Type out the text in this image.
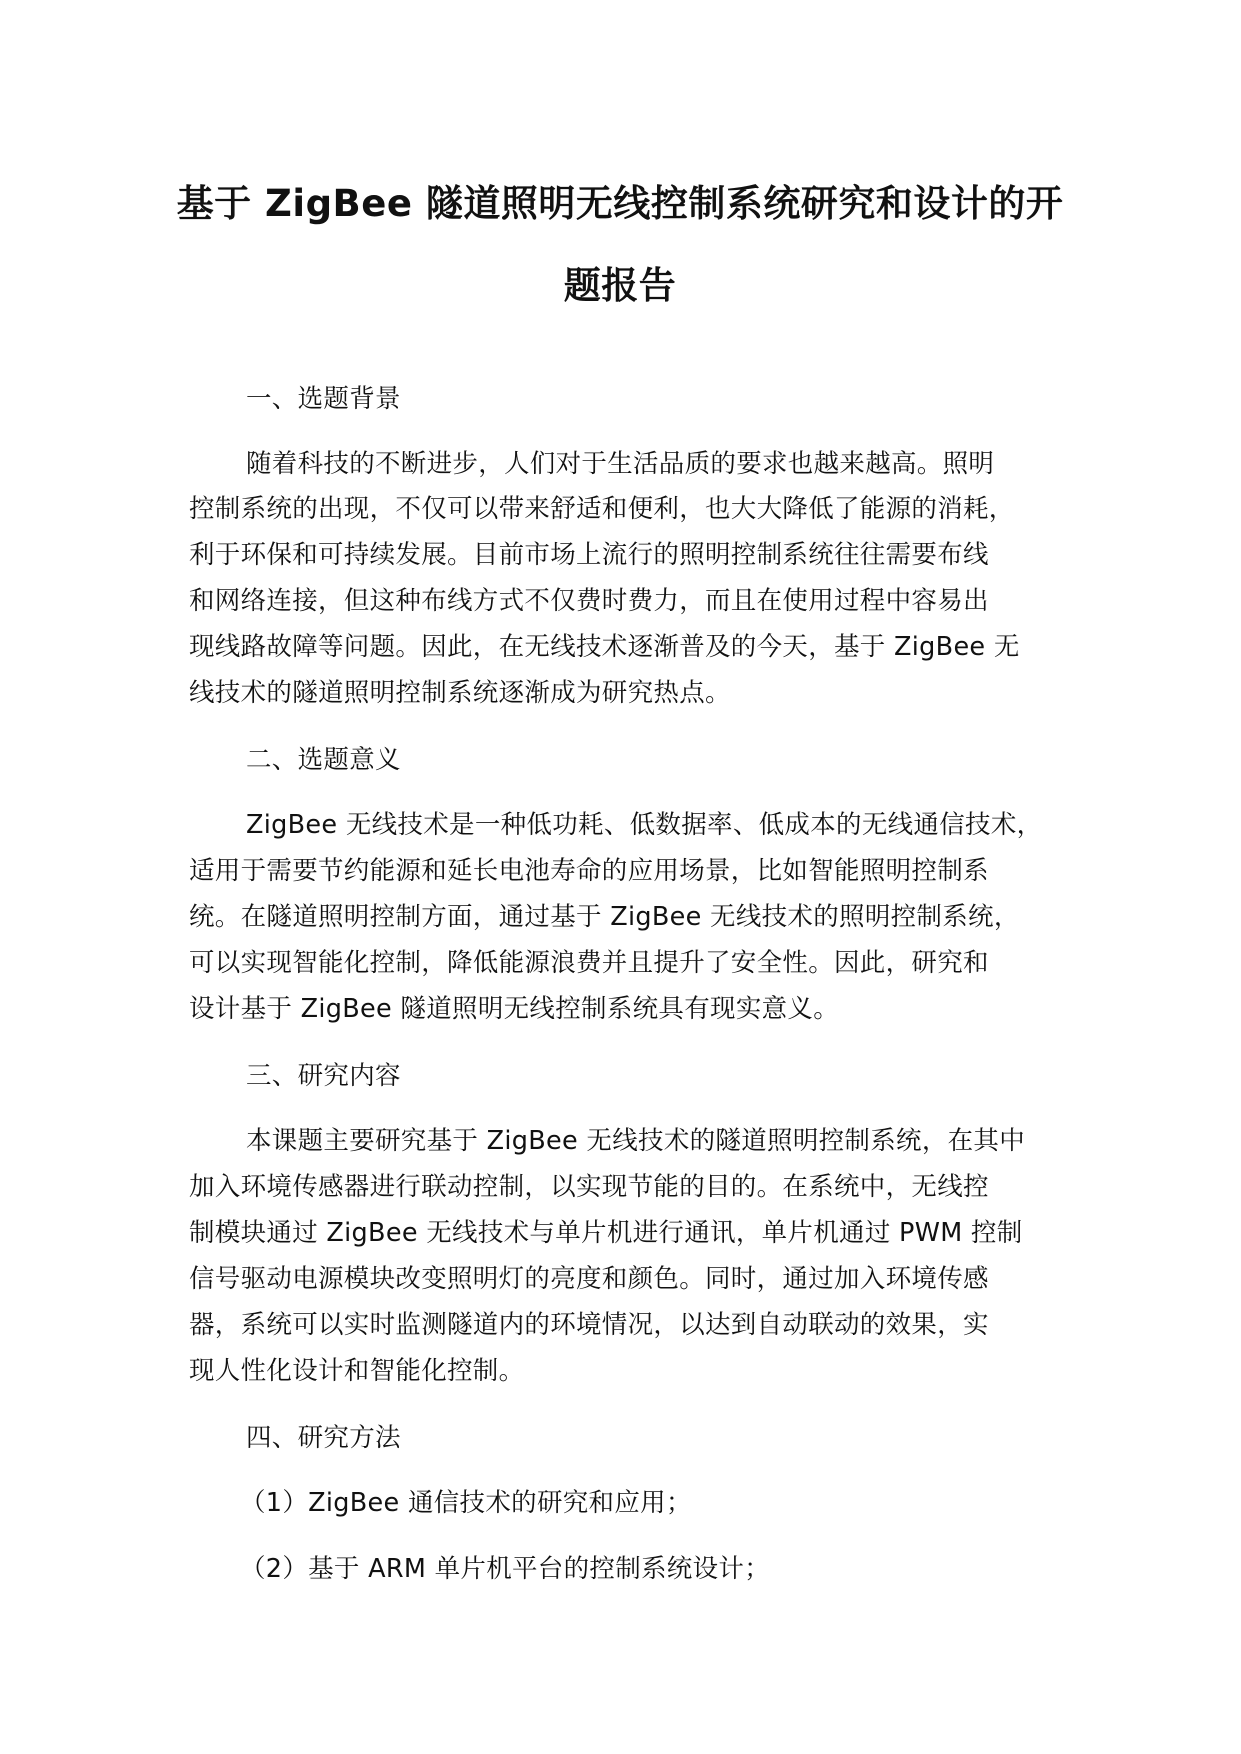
基于 ZigBee 隧道照明无线控制系统研究和设计的开
题报告
一、选题背景
随着科技的不断进步，人们对于生活品质的要求也越来越高。照明
控制系统的出现，不仅可以带来舒适和便利，也大大降低了能源的消耗，
利于环保和可持续发展。目前市场上流行的照明控制系统往往需要布线
和网络连接，但这种布线方式不仅费时费力，而且在使用过程中容易出
现线路故障等问题。因此，在无线技术逐渐普及的今天，基于 ZigBee 无
线技术的隧道照明控制系统逐渐成为研究热点。
二、选题意义
ZigBee 无线技术是一种低功耗、低数据率、低成本的无线通信技术，
适用于需要节约能源和延长电池寿命的应用场景，比如智能照明控制系
统。在隧道照明控制方面，通过基于 ZigBee 无线技术的照明控制系统，
可以实现智能化控制，降低能源浪费并且提升了安全性。因此，研究和
设计基于 ZigBee 隧道照明无线控制系统具有现实意义。
三、研究内容
本课题主要研究基于 ZigBee 无线技术的隧道照明控制系统，在其中
加入环境传感器进行联动控制，以实现节能的目的。在系统中，无线控
制模块通过 ZigBee 无线技术与单片机进行通讯，单片机通过 PWM 控制
信号驱动电源模块改变照明灯的亮度和颜色。同时，通过加入环境传感
器，系统可以实时监测隧道内的环境情况，以达到自动联动的效果，实
现人性化设计和智能化控制。
四、研究方法
（1）ZigBee 通信技术的研究和应用；
（2）基于 ARM 单片机平台的控制系统设计；
